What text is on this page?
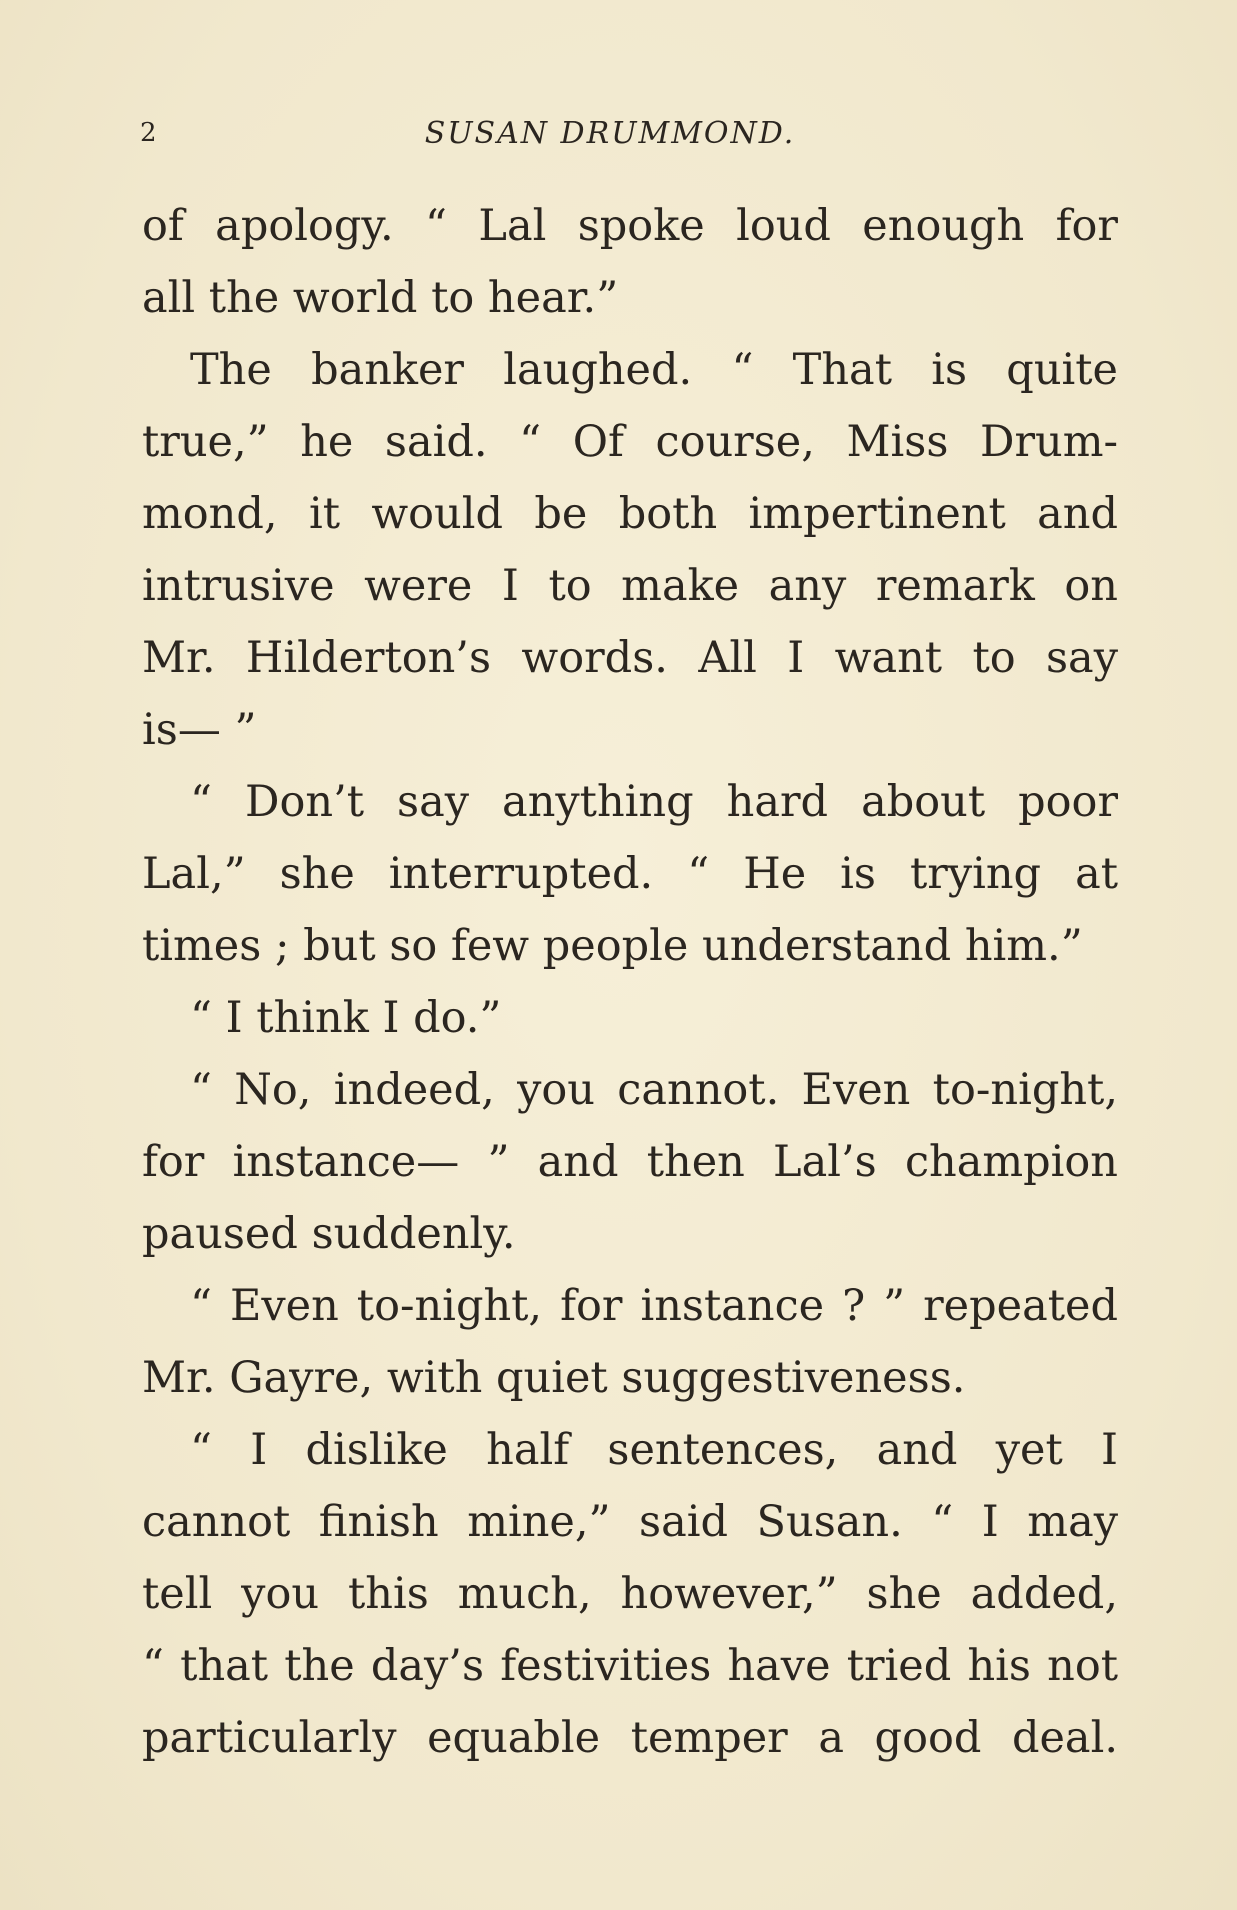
2	SUSAN DRUMMOND.
of apology. “ Lal spoke loud enough for
all the world to hear.”
The banker laughed. “ That is quite
true,” he said. “ Of course, Miss Drum-
mond, it would be both impertinent and
intrusive were I to make any remark on
Mr. Hilderton’s words. All I want to say
is— ”
“ Don’t say anything hard about poor
Lal,” she interrupted. “ He is trying at
times ; but so few people understand him.”
“ I think I do.”
“ No, indeed, you cannot. Even to-night,
for instance— ” and then Lal’s champion
paused suddenly.
“ Even to-night, for instance ? ” repeated
Mr. Gayre, with quiet suggestiveness.
“ I dislike half sentences, and yet I
cannot finish mine,” said Susan. “ I may
tell you this much, however,” she added,
“ that the day’s festivities have tried his not
particularly equable temper a good deal.
